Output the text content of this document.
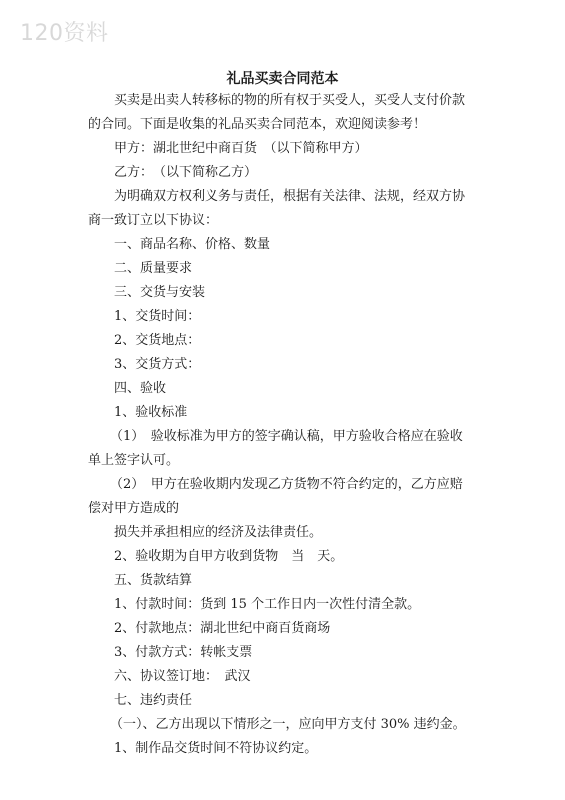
120资料
礼品买卖合同范本
买卖是出卖人转移标的物的所有权于买受人，买受人支付价款
的合同。下面是收集的礼品买卖合同范本，欢迎阅读参考！
甲方：湖北世纪中商百货　（以下简称甲方）
乙方：　（以下简称乙方）
为明确双方权利义务与责任，根据有关法律、法规，经双方协
商一致订立以下协议：
一、商品名称、价格、数量
二、质量要求
三、交货与安装
1、交货时间：
2、交货地点：
3、交货方式：
四、验收
1、验收标准
（1）　验收标准为甲方的签字确认稿，甲方验收合格应在验收
单上签字认可。
（2）　甲方在验收期内发现乙方货物不符合约定的，乙方应赔
偿对甲方造成的
损失并承担相应的经济及法律责任。
2、验收期为自甲方收到货物　当　天。
五、货款结算
1、付款时间：货到 15 个工作日内一次性付清全款。
2、付款地点：湖北世纪中商百货商场
3、付款方式：转帐支票
六、协议签订地：　武汉
七、违约责任
（一）、乙方出现以下情形之一，应向甲方支付 30% 违约金。
1、制作品交货时间不符协议约定。
